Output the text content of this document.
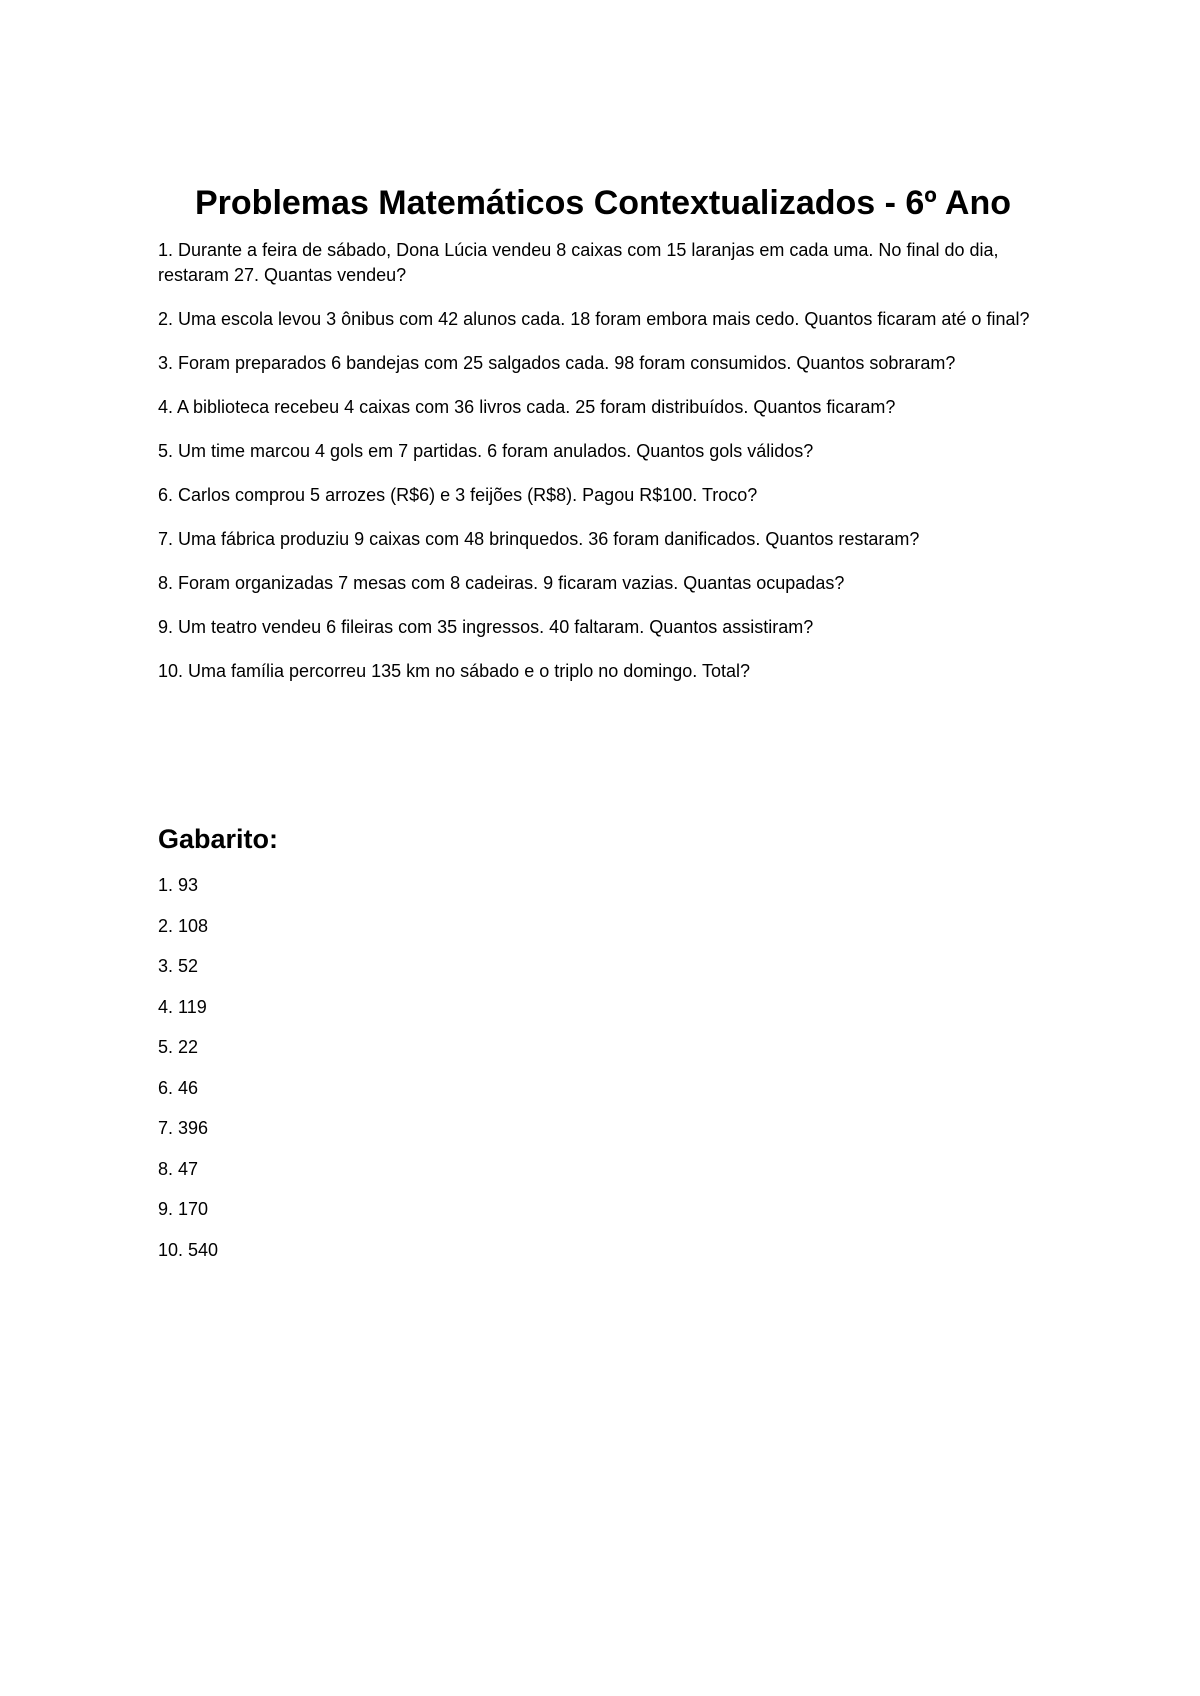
Problemas Matemáticos Contextualizados - 6º Ano
1. Durante a feira de sábado, Dona Lúcia vendeu 8 caixas com 15 laranjas em cada uma. No final do dia, restaram 27. Quantas vendeu?
2. Uma escola levou 3 ônibus com 42 alunos cada. 18 foram embora mais cedo. Quantos ficaram até o final?
3. Foram preparados 6 bandejas com 25 salgados cada. 98 foram consumidos. Quantos sobraram?
4. A biblioteca recebeu 4 caixas com 36 livros cada. 25 foram distribuídos. Quantos ficaram?
5. Um time marcou 4 gols em 7 partidas. 6 foram anulados. Quantos gols válidos?
6. Carlos comprou 5 arrozes (R$6) e 3 feijões (R$8). Pagou R$100. Troco?
7. Uma fábrica produziu 9 caixas com 48 brinquedos. 36 foram danificados. Quantos restaram?
8. Foram organizadas 7 mesas com 8 cadeiras. 9 ficaram vazias. Quantas ocupadas?
9. Um teatro vendeu 6 fileiras com 35 ingressos. 40 faltaram. Quantos assistiram?
10. Uma família percorreu 135 km no sábado e o triplo no domingo. Total?
Gabarito:
1. 93
2. 108
3. 52
4. 119
5. 22
6. 46
7. 396
8. 47
9. 170
10. 540
